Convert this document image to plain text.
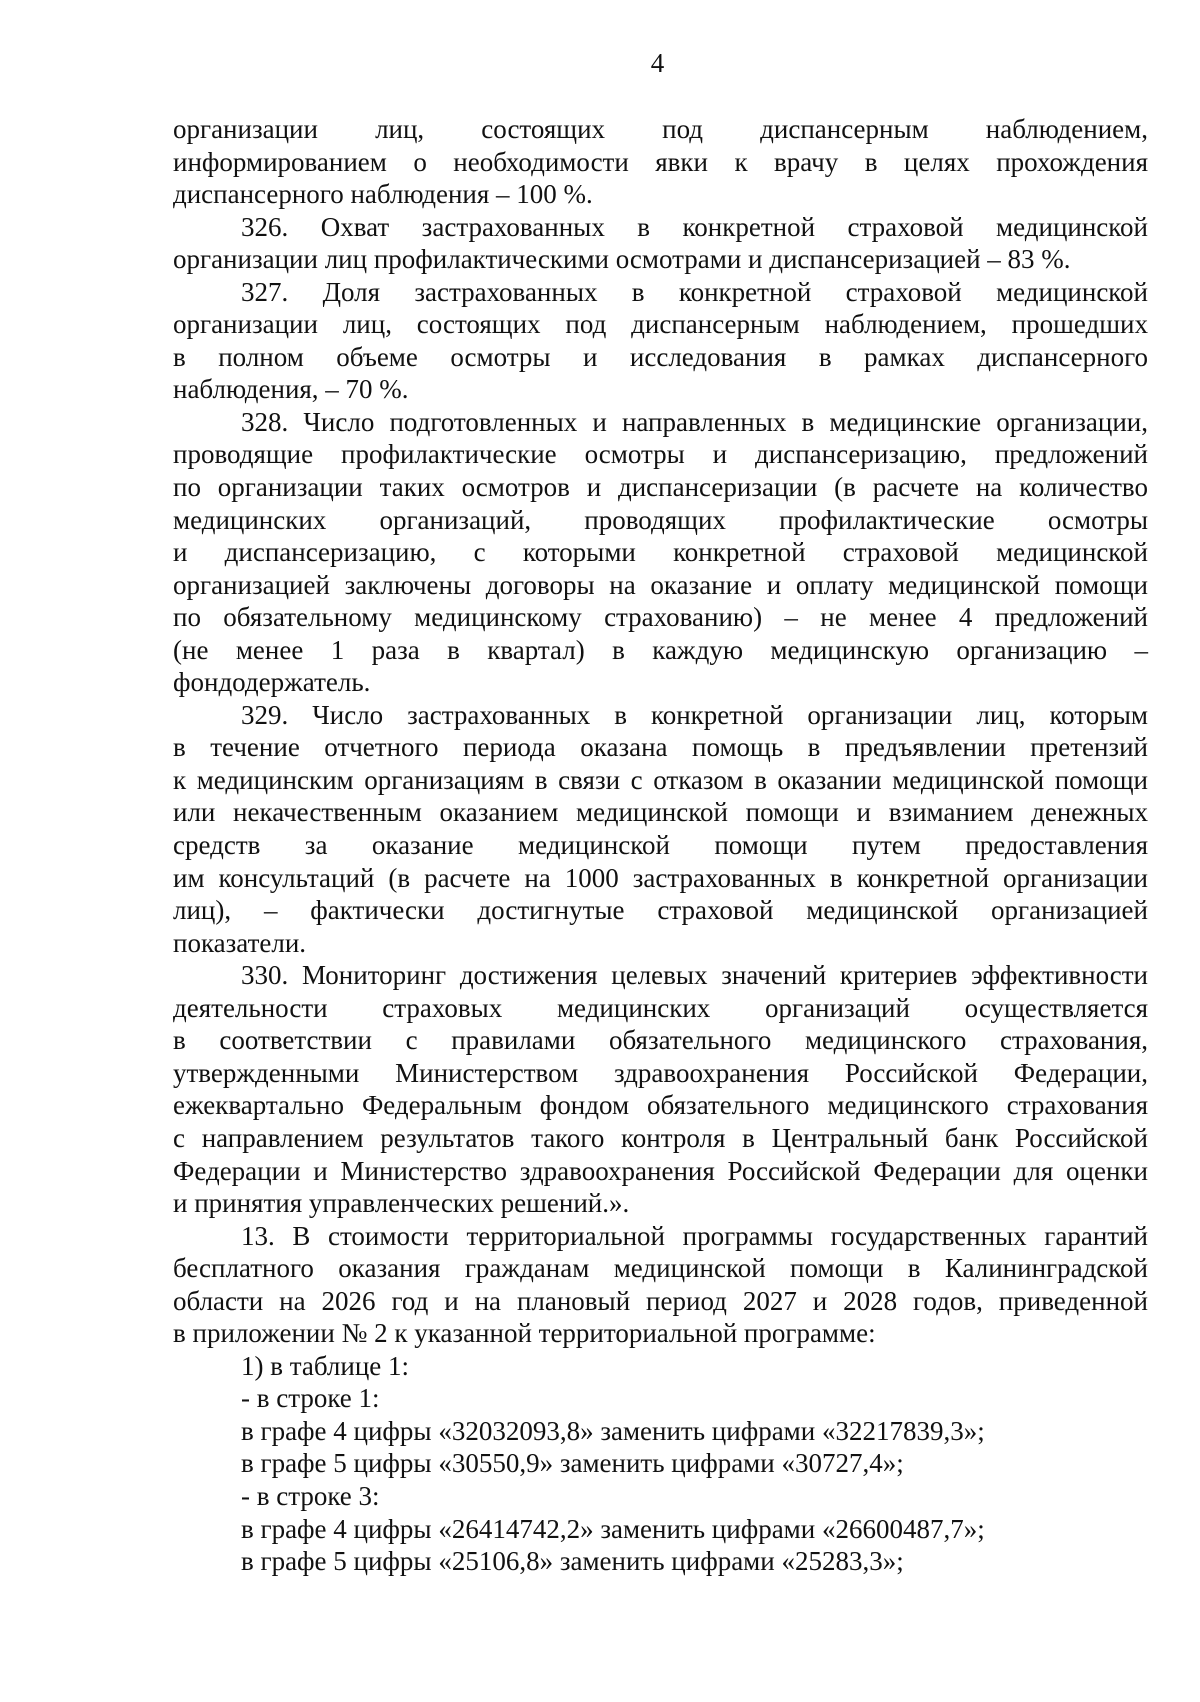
4
организации лиц, состоящих под диспансерным наблюдением,
информированием о необходимости явки к врачу в целях прохождения
диспансерного наблюдения – 100 %.
326. Охват застрахованных в конкретной страховой медицинской
организации лиц профилактическими осмотрами и диспансеризацией – 83 %.
327. Доля застрахованных в конкретной страховой медицинской
организации лиц, состоящих под диспансерным наблюдением, прошедших
в полном объеме осмотры и исследования в рамках диспансерного
наблюдения, – 70 %.
328. Число подготовленных и направленных в медицинские организации,
проводящие профилактические осмотры и диспансеризацию, предложений
по организации таких осмотров и диспансеризации (в расчете на количество
медицинских организаций, проводящих профилактические осмотры
и диспансеризацию, с которыми конкретной страховой медицинской
организацией заключены договоры на оказание и оплату медицинской помощи
по обязательному медицинскому страхованию) – не менее 4 предложений
(не менее 1 раза в квартал) в каждую медицинскую организацию –
фондодержатель.
329. Число застрахованных в конкретной организации лиц, которым
в течение отчетного периода оказана помощь в предъявлении претензий
к медицинским организациям в связи с отказом в оказании медицинской помощи
или некачественным оказанием медицинской помощи и взиманием денежных
средств за оказание медицинской помощи путем предоставления
им консультаций (в расчете на 1000 застрахованных в конкретной организации
лиц), – фактически достигнутые страховой медицинской организацией
показатели.
330. Мониторинг достижения целевых значений критериев эффективности
деятельности страховых медицинских организаций осуществляется
в соответствии с правилами обязательного медицинского страхования,
утвержденными Министерством здравоохранения Российской Федерации,
ежеквартально Федеральным фондом обязательного медицинского страхования
с направлением результатов такого контроля в Центральный банк Российской
Федерации и Министерство здравоохранения Российской Федерации для оценки
и принятия управленческих решений.».
13. В стоимости территориальной программы государственных гарантий
бесплатного оказания гражданам медицинской помощи в Калининградской
области на 2026 год и на плановый период 2027 и 2028 годов, приведенной
в приложении № 2 к указанной территориальной программе:

1) в таблице 1:

- в строке 1:

в графе 4 цифры «32032093,8» заменить цифрами «32217839,3»;

в графе 5 цифры «30550,9» заменить цифрами «30727,4»;

- в строке 3:

в графе 4 цифры «26414742,2» заменить цифрами «26600487,7»;

в графе 5 цифры «25106,8» заменить цифрами «25283,3»;
